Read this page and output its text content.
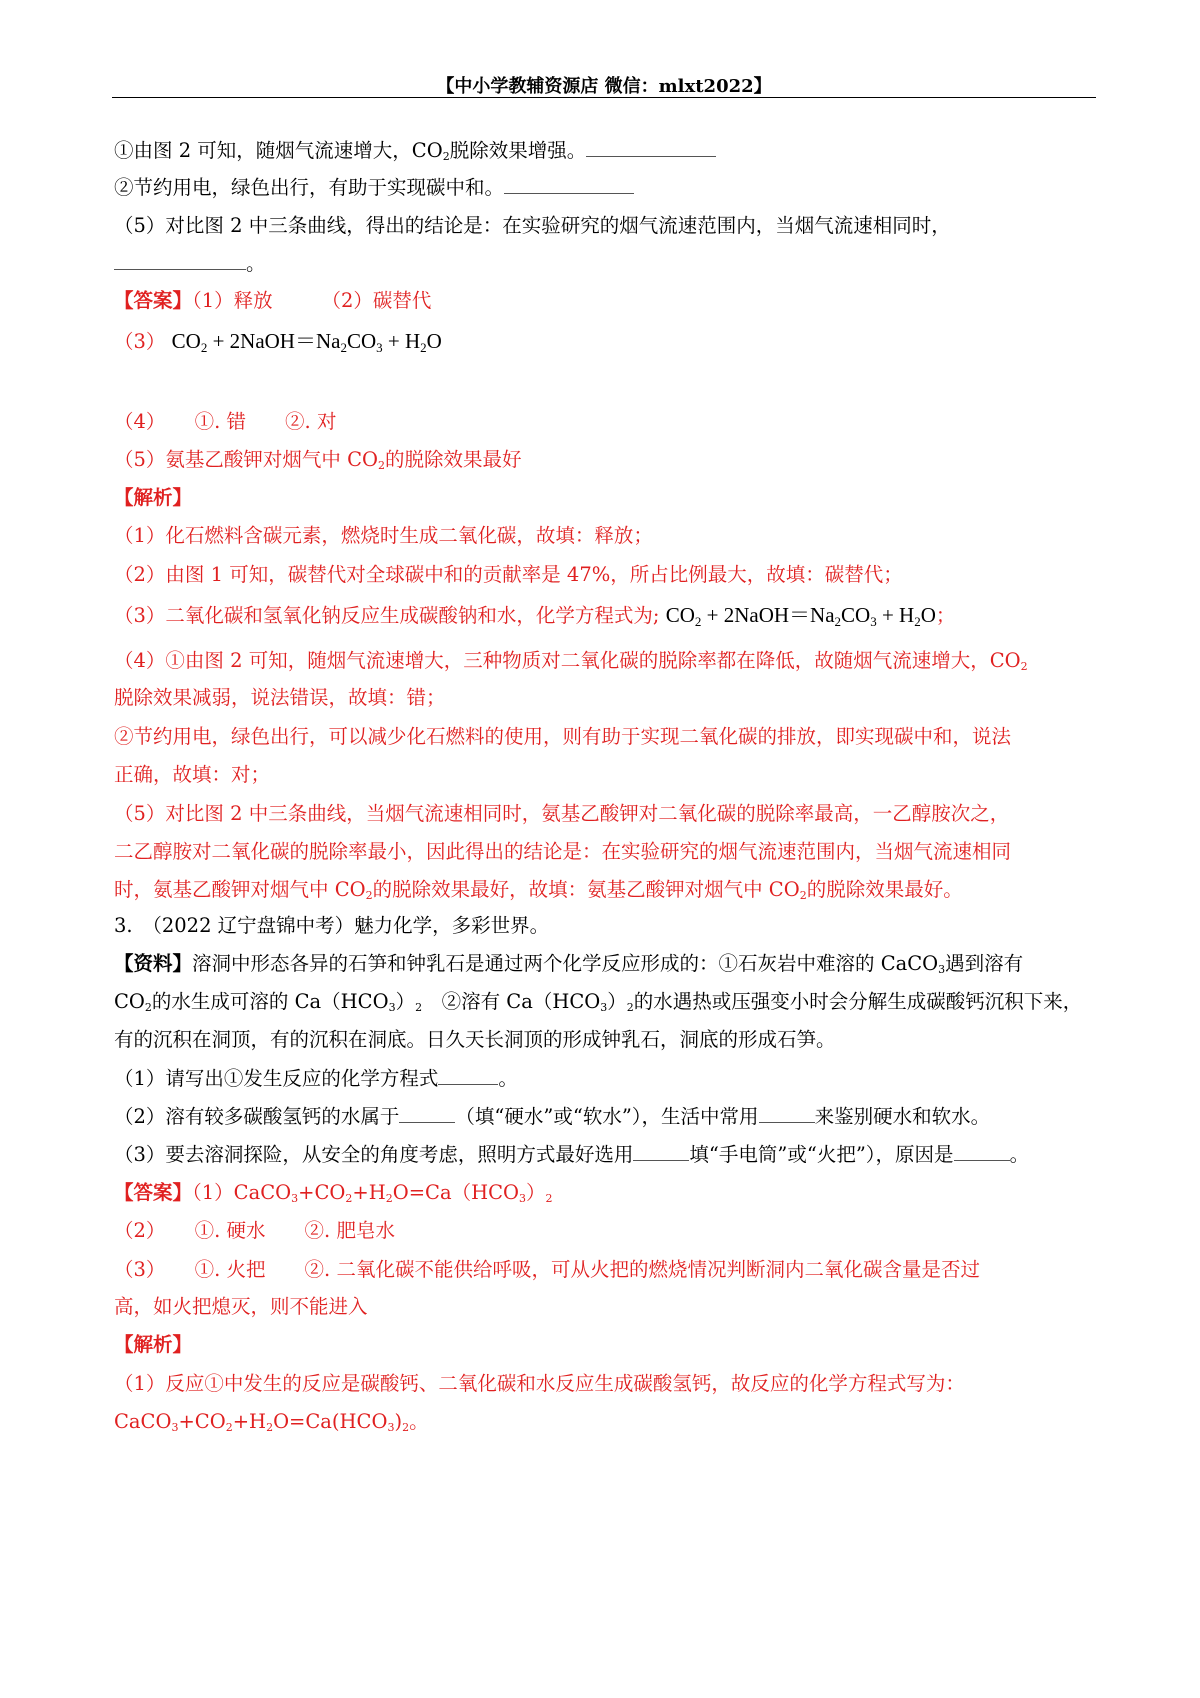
【中小学教辅资源店 微信：mlxt2022】
①由图 2 可知，随烟气流速增大，$CO_2$脱除效果增强。
②节约用电，绿色出行，有助于实现碳中和。
（5）对比图 2 中三条曲线，得出的结论是：在实验研究的烟气流速范围内，当烟气流速相同时，
。
【答案】（1）释放　　　	（2）碳替代
（3） $CO_2$ + $2NaOH=Na_2CO_3 + H_2O$
（4）　　①. 错　　②. 对
（5）氨基乙酸钾对烟气中 $CO_2$的脱除效果最好
【解析】
（1）化石燃料含碳元素，燃烧时生成二氧化碳，故填：释放；
（2）由图 1 可知，碳替代对全球碳中和的贡献率是 47%，所占比例最大，故填：碳替代；
（3）二氧化碳和氢氧化钠反应生成碳酸钠和水，化学方程式为; $CO_2$ + $2NaOH=Na_2CO_3 + H_2O$；
（4）①由图 2 可知，随烟气流速增大，三种物质对二氧化碳的脱除率都在降低，故随烟气流速增大，$CO_2$
脱除效果减弱，说法错误，故填：错；
②节约用电，绿色出行，可以减少化石燃料的使用，则有助于实现二氧化碳的排放，即实现碳中和，说法
正确，故填：对；
（5）对比图 2 中三条曲线，当烟气流速相同时，氨基乙酸钾对二氧化碳的脱除率最高，一乙醇胺次之，
二乙醇胺对二氧化碳的脱除率最小，因此得出的结论是：在实验研究的烟气流速范围内，当烟气流速相同
时，氨基乙酸钾对烟气中 $CO_2$的脱除效果最好，故填：氨基乙酸钾对烟气中 $CO_2$的脱除效果最好。
3.　（2022 辽宁盘锦中考）魅力化学，多彩世界。
【资料】溶洞中形态各异的石笋和钟乳石是通过两个化学反应形成的：①石灰岩中难溶的 CaCO$_3$遇到溶有
$CO_2$的水生成可溶的 $Ca(HCO_3)_2$　②溶有 $Ca(HCO_3)_2$的水遇热或压强变小时会分解生成碳酸钙沉积下来，
有的沉积在洞顶，有的沉积在洞底。日久天长洞顶的形成钟乳石，洞底的形成石笋。
（1）请写出①发生反应的化学方程式	。
（2）溶有较多碳酸氢钙的水属于	（填“硬水”或“软水”），生活中常用	来鉴别硬水和软水。
（3）要去溶洞探险，从安全的角度考虑，照明方式最好选用	填“手电筒”或“火把”），原因是	。
【答案】$(1)CaCO_3+CO_2+H_2O=Ca(HCO_3)_2$
（2）　　①. 硬水　　②. 肥皂水
（3）　　①. 火把　　②. 二氧化碳不能供给呼吸，可从火把的燃烧情况判断洞内二氧化碳含量是否过
高，如火把熄灭，则不能进入
【解析】
（1）反应①中发生的反应是碳酸钙、二氧化碳和水反应生成碳酸氢钙，故反应的化学方程式写为：
$CaCO_3+CO_2+H_2O=Ca(HCO_3)_2$。
